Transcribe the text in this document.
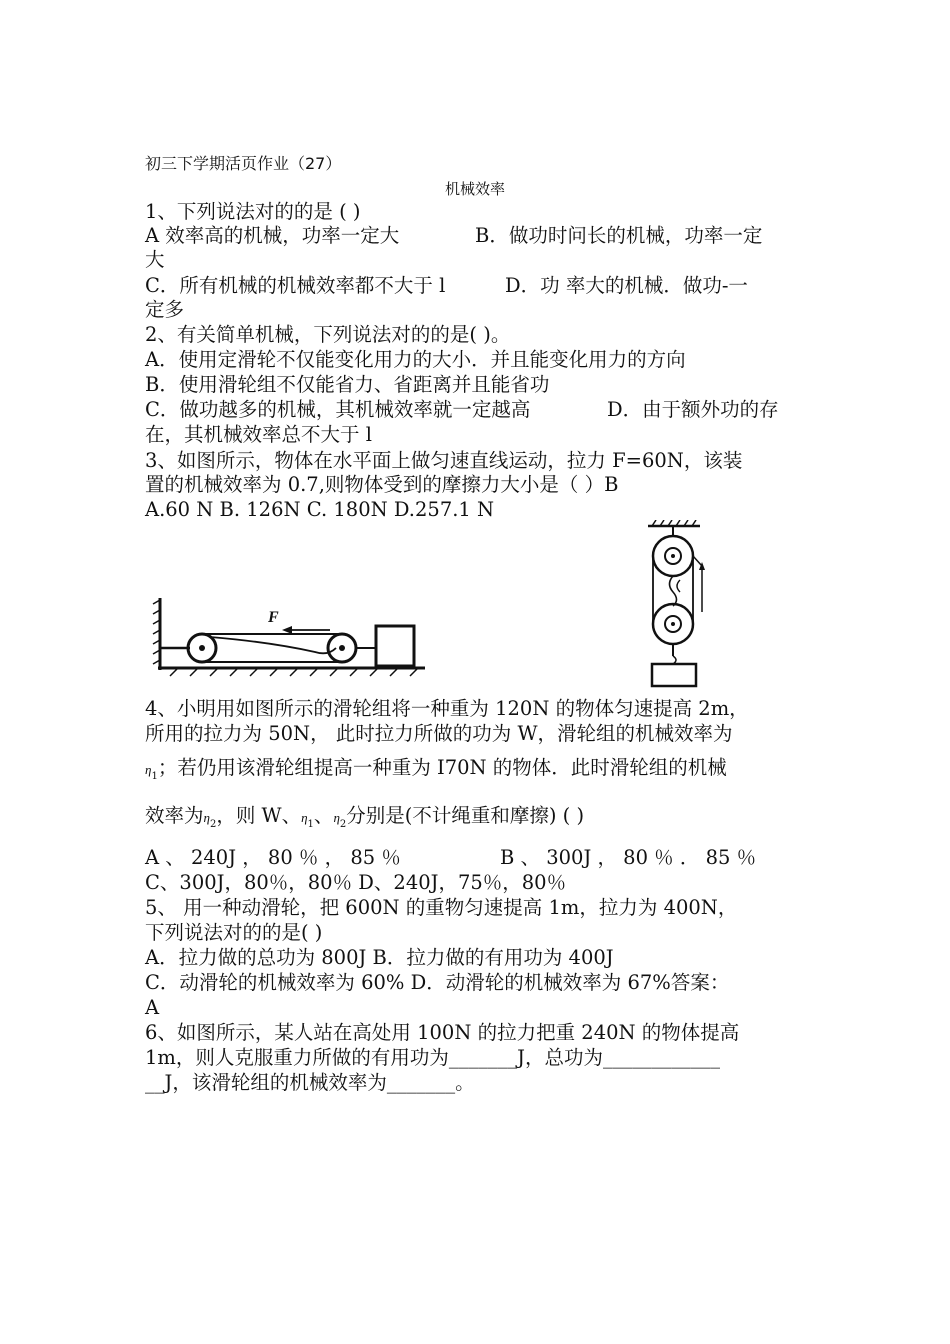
初三下学期活页作业（27）
机械效率
1、下列说法对的的是 ( )
A 效率高的机械，功率一定大	B．做功时问长的机械，功率一定
大
C．所有机械的机械效率都不大于 l	D．功 率大的机械．做功-一
定多
2、有关简单机械，下列说法对的的是( )。
A．使用定滑轮不仅能变化用力的大小．并且能变化用力的方向
B．使用滑轮组不仅能省力、省距离并且能省功
C．做功越多的机械，其机械效率就一定越高	D．由于额外功的存
在，其机械效率总不大于 l
3、如图所示，物体在水平面上做匀速直线运动，拉力 F=60N，该装
置的机械效率为 0.7,则物体受到的摩擦力大小是（ ）B
A.60 N B. 126N C. 180N D.257.1 N
F
4、小明用如图所示的滑轮组将一种重为 120N 的物体匀速提高 2m，
所用的拉力为 50N， 此时拉力所做的功为 W，滑轮组的机械效率为
$\eta_1$；若仍用该滑轮组提高一种重为 I70N 的物体．此时滑轮组的机械
效率为$\eta_2$，则 W、$\eta_1$、$\eta_2$分别是(不计绳重和摩擦) ( )
A 、 240J ， 80 ％ ， 85 ％	B 、 300J ， 80 ％ ． 85 ％
C、300J，80％，80％ D、240J，75％，80％
5、 用一种动滑轮，把 600N 的重物匀速提高 1m，拉力为 400N，
下列说法对的的是( )
A．拉力做的总功为 800J B．拉力做的有用功为 400J
C．动滑轮的机械效率为 60% D．动滑轮的机械效率为 67%答案：
A
6、如图所示，某人站在高处用 100N 的拉力把重 240N 的物体提高
1m，则人克服重力所做的有用功为_______J，总功为____________
__J，该滑轮组的机械效率为_______。
